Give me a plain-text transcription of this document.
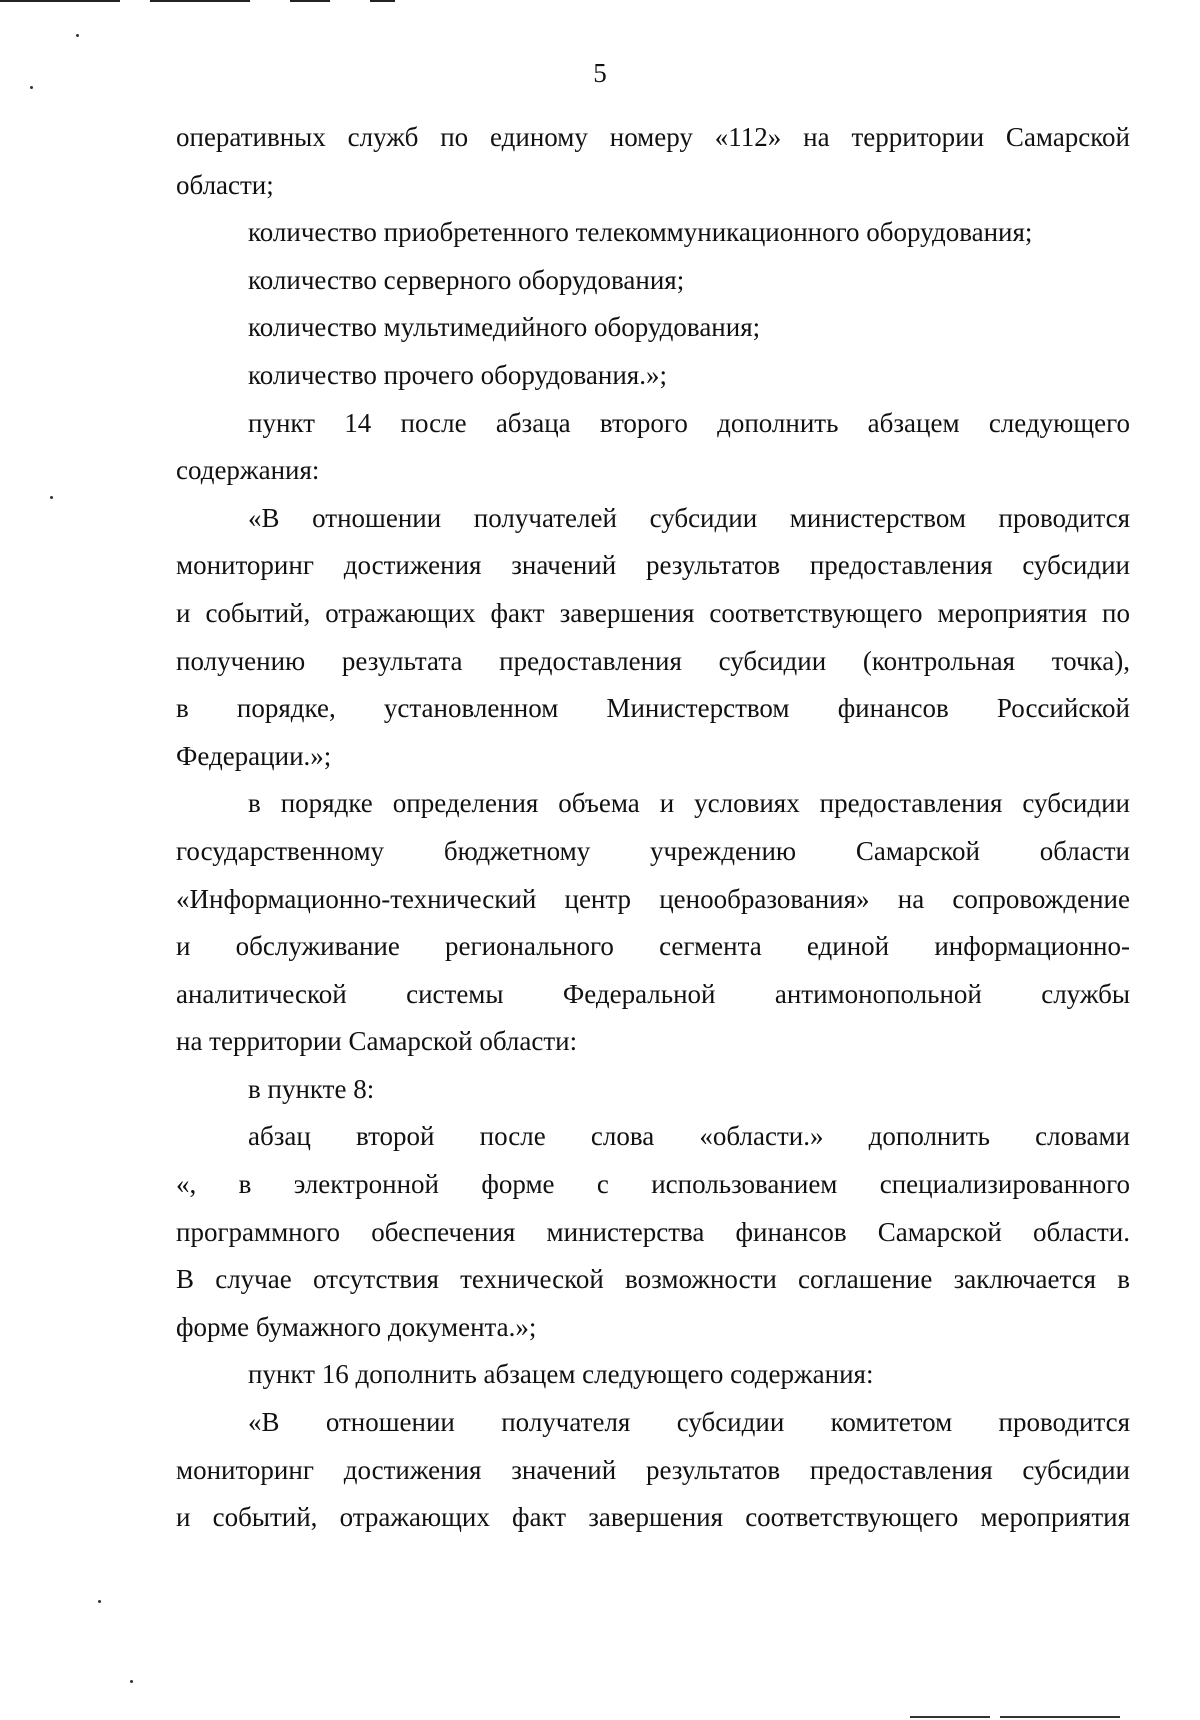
5

оперативных служб по единому номеру «112» на территории Самарской
области;

количество приобретенного телекоммуникационного оборудования;

количество серверного оборудования;

количество мультимедийного оборудования;

количество прочего оборудования.»;

пункт 14 после абзаца второго дополнить абзацем следующего
содержания:

«В отношении получателей субсидии министерством проводится
мониторинг достижения значений результатов предоставления субсидии
и событий, отражающих факт завершения соответствующего мероприятия по
получению результата предоставления субсидии (контрольная точка),
в порядке, установленном Министерством финансов Российской
Федерации.»;

в порядке определения объема и условиях предоставления субсидии
государственному бюджетному учреждению Самарской области
«Информационно-технический центр ценообразования» на сопровождение
и обслуживание регионального сегмента единой информационно-
аналитической системы Федеральной антимонопольной службы
на территории Самарской области:

в пункте 8:

абзац второй после слова «области.» дополнить словами
«, в электронной форме с использованием специализированного
программного обеспечения министерства финансов Самарской области.
В случае отсутствия технической возможности соглашение заключается в
форме бумажного документа.»;

пункт 16 дополнить абзацем следующего содержания:

«В отношении получателя субсидии комитетом проводится
мониторинг достижения значений результатов предоставления субсидии
и событий, отражающих факт завершения соответствующего мероприятия
